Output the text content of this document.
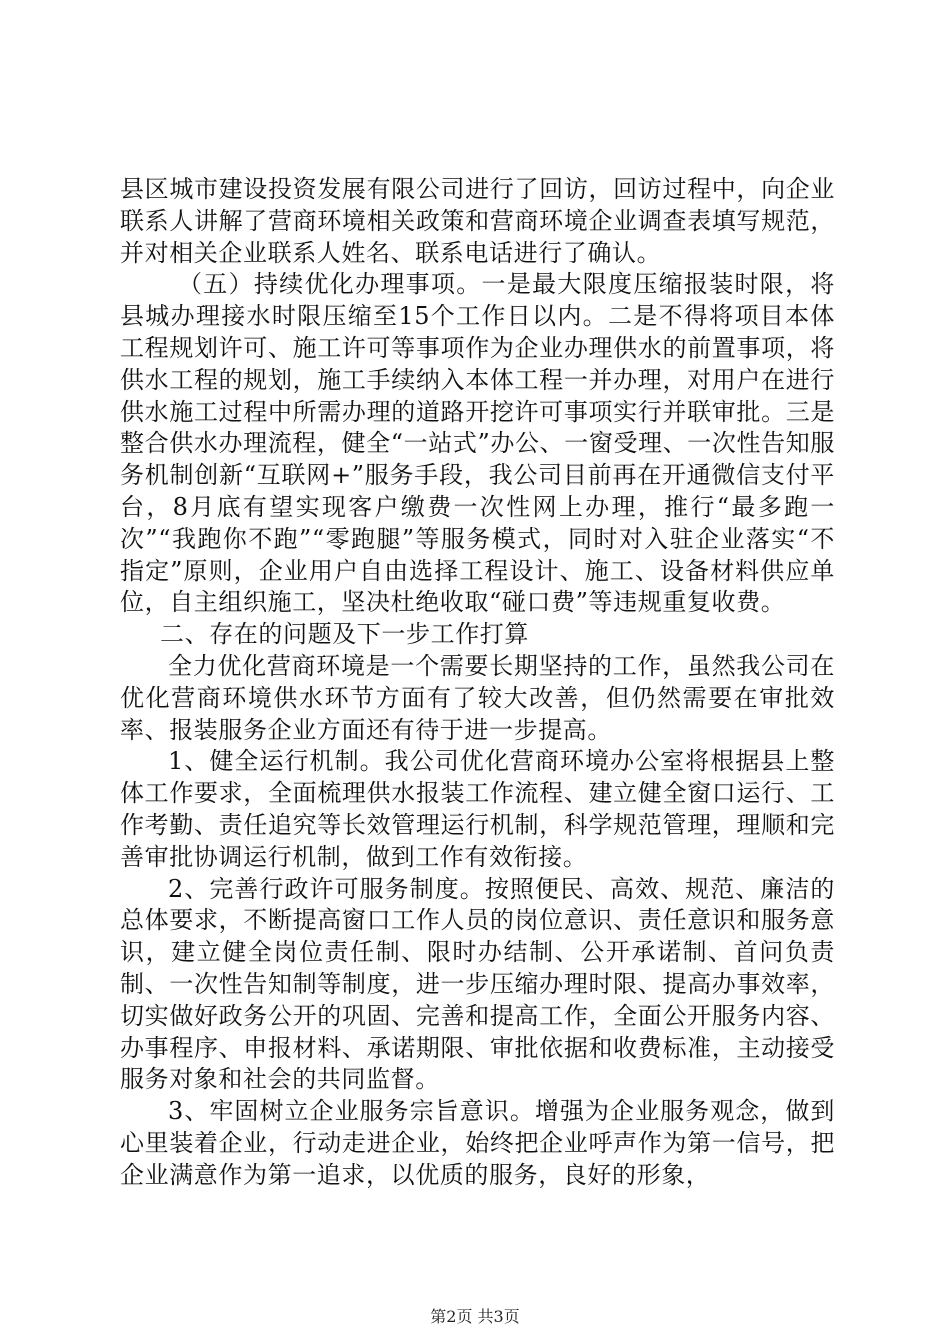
县区城市建设投资发展有限公司进行了回访，回访过程中，向企业联系人讲解了营商环境相关政策和营商环境企业调查表填写规范，并对相关企业联系人姓名、联系电话进行了确认。

（五）持续优化办理事项。一是最大限度压缩报装时限，将县城办理接水时限压缩至15个工作日以内。二是不得将项目本体工程规划许可、施工许可等事项作为企业办理供水的前置事项，将供水工程的规划，施工手续纳入本体工程一并办理，对用户在进行供水施工过程中所需办理的道路开挖许可事项实行并联审批。三是整合供水办理流程，健全“一站式”办公、一窗受理、一次性告知服务机制创新“互联网+”服务手段，我公司目前再在开通微信支付平台，8月底有望实现客户缴费一次性网上办理，推行“最多跑一次”“我跑你不跑”“零跑腿”等服务模式，同时对入驻企业落实“不指定”原则，企业用户自由选择工程设计、施工、设备材料供应单位，自主组织施工，坚决杜绝收取“碰口费”等违规重复收费。

二、存在的问题及下一步工作打算

全力优化营商环境是一个需要长期坚持的工作，虽然我公司在优化营商环境供水环节方面有了较大改善，但仍然需要在审批效率、报装服务企业方面还有待于进一步提高。

1、健全运行机制。我公司优化营商环境办公室将根据县上整体工作要求，全面梳理供水报装工作流程、建立健全窗口运行、工作考勤、责任追究等长效管理运行机制，科学规范管理，理顺和完善审批协调运行机制，做到工作有效衔接。

2、完善行政许可服务制度。按照便民、高效、规范、廉洁的总体要求，不断提高窗口工作人员的岗位意识、责任意识和服务意识，建立健全岗位责任制、限时办结制、公开承诺制、首问负责制、一次性告知制等制度，进一步压缩办理时限、提高办事效率，切实做好政务公开的巩固、完善和提高工作，全面公开服务内容、办事程序、申报材料、承诺期限、审批依据和收费标准，主动接受服务对象和社会的共同监督。

3、牢固树立企业服务宗旨意识。增强为企业服务观念，做到心里装着企业，行动走进企业，始终把企业呼声作为第一信号，把企业满意作为第一追求，以优质的服务，良好的形象，

第2页 共3页
